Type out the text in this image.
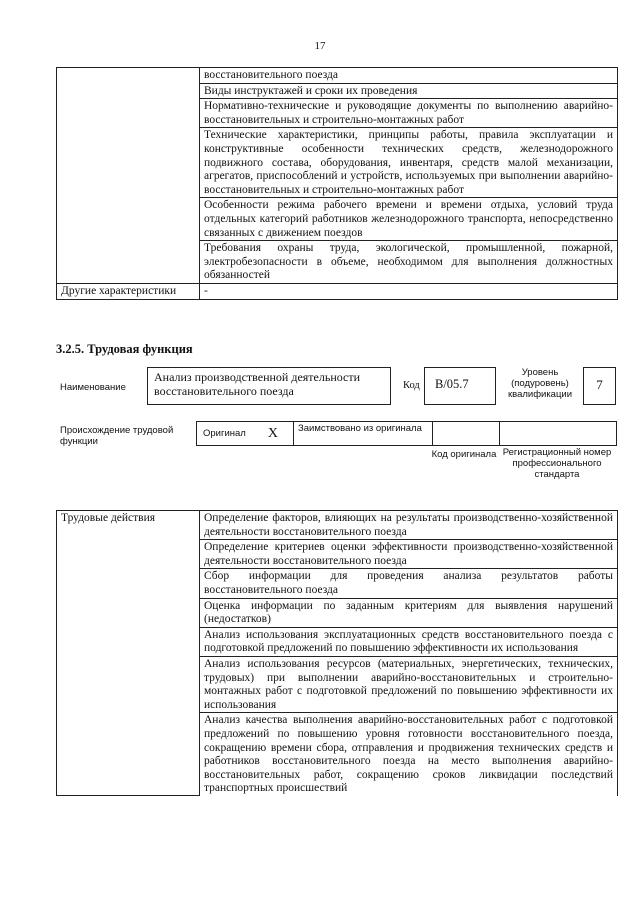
17
	восстановительного поезда
	Виды инструктажей и сроки их проведения
	Нормативно-технические и руководящие документы по выполнению аварийно-восстановительных и строительно-монтажных работ
	Технические характеристики, принципы работы, правила эксплуатации и конструктивные особенности технических средств, железнодорожного подвижного состава, оборудования, инвентаря, средств малой механизации, агрегатов, приспособлений и устройств, используемых при выполнении аварийно-восстановительных и строительно-монтажных работ
	Особенности режима рабочего времени и времени отдыха, условий труда отдельных категорий работников железнодорожного транспорта, непосредственно связанных с движением поездов
	Требования охраны труда, экологической, промышленной, пожарной, электробезопасности в объеме, необходимом для выполнения должностных обязанностей
Другие характеристики	-
3.2.5. Трудовая функция
Наименование
Анализ производственной деятельности восстановительного поезда	Код	B/05.7
Уровень (подуровень) квалификации
7
Происхождение трудовой функции
Оригинал X	Заимствовано из оригинала
Код оригинала Регистрационный номер профессионального стандарта
Трудовые действия	Определение факторов, влияющих на результаты производственно-хозяйственной деятельности восстановительного поезда
Определение критериев оценки эффективности производственно-хозяйственной деятельности восстановительного поезда
Сбор информации для проведения анализа результатов работы восстановительного поезда
Оценка информации по заданным критериям для выявления нарушений (недостатков)
Анализ использования эксплуатационных средств восстановительного поезда с подготовкой предложений по повышению эффективности их использования
Анализ использования ресурсов (материальных, энергетических, технических, трудовых) при выполнении аварийно-восстановительных и строительно-монтажных работ с подготовкой предложений по повышению эффективности их использования
Анализ качества выполнения аварийно-восстановительных работ с подготовкой предложений по повышению уровня готовности восстановительного поезда, сокращению времени сбора, отправления и продвижения технических средств и работников восстановительного поезда на место выполнения аварийно-восстановительных работ, сокращению сроков ликвидации последствий транспортных происшествий
